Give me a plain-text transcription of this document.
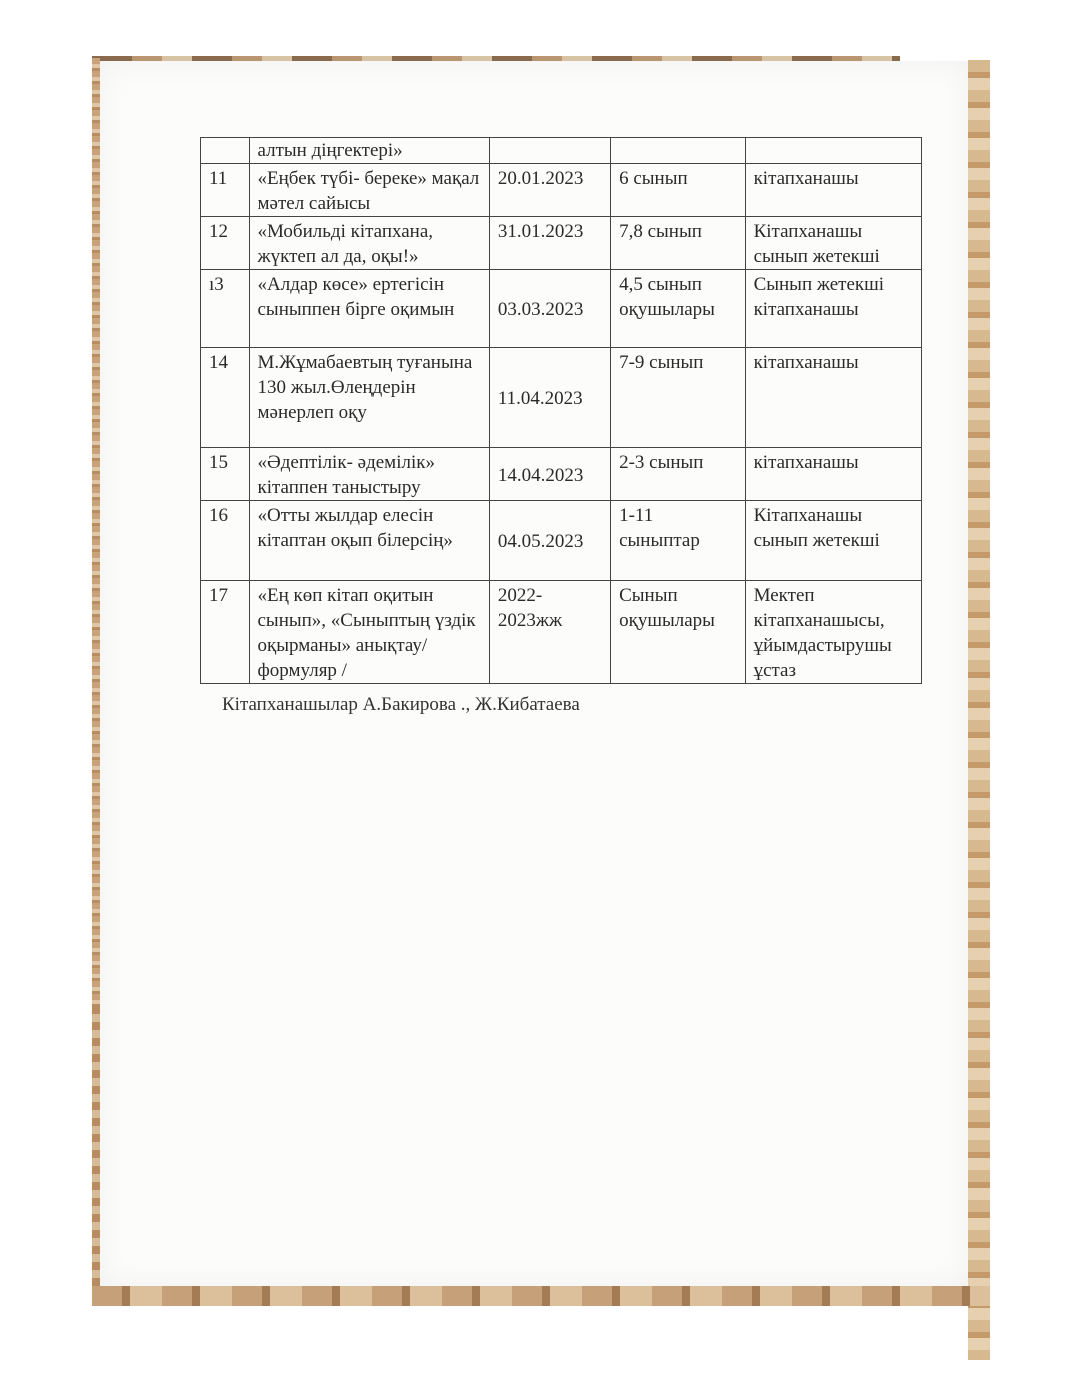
	алтын діңгектері»			
11	«Еңбек түбі- береке» мақал мәтел сайысы	20.01.2023	6 сынып	кітапханашы
12	«Мобильді кітапхана, жүктеп ал да, оқы!»	31.01.2023	7,8 сынып	Кітапханашы сынып жетекші
ı3	«Алдар көсе» ертегісін сыныппен бірге оқимын	03.03.2023	4,5 сынып оқушылары	Сынып жетекші кітапханашы
14	М.Жұмабаевтың туғанына 130 жыл.Өлеңдерін мәнерлеп оқу	11.04.2023	7-9 сынып	кітапханашы
15	«Әдептілік- әдемілік» кітаппен таныстыру	14.04.2023	2-3 сынып	кітапханашы
16	«Отты жылдар елесін кітаптан оқып білерсің»	04.05.2023	1-11 сыныптар	Кітапханашы сынып жетекші
17	«Ең көп кітап оқитын сынып», «Сыныптың үздік оқырманы» анықтау/формуляр /	2022-2023жж	Сынып оқушылары	Мектеп кітапханашысы, ұйымдастырушы ұстаз
Кітапханашылар А.Бакирова ., Ж.Кибатаева
